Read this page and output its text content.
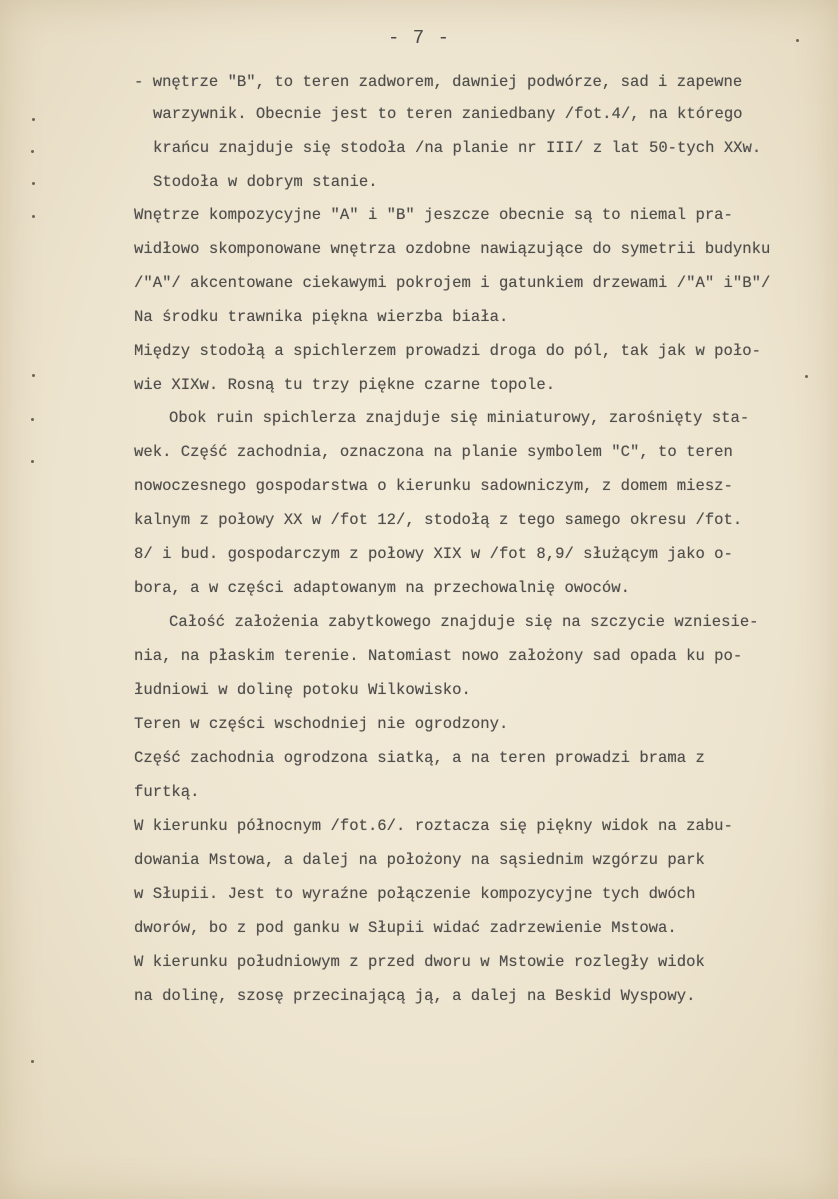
- 7 -
- wnętrze "B", to teren zadworem, dawniej podwórze, sad i zapewne
warzywnik. Obecnie jest to teren zaniedbany /fot.4/, na którego
krańcu znajduje się stodoła /na planie nr III/ z lat 50-tych XXw.
Stodoła w dobrym stanie.
Wnętrze kompozycyjne "A" i "B" jeszcze obecnie są to niemal pra-
widłowo skomponowane wnętrza ozdobne nawiązujące do symetrii budynku
/"A"/ akcentowane ciekawymi pokrojem i gatunkiem drzewami /"A" i"B"/
Na środku trawnika piękna wierzba biała.
Między stodołą a spichlerzem prowadzi droga do pól, tak jak w poło-
wie XIXw. Rosną tu trzy piękne czarne topole.
Obok ruin spichlerza znajduje się miniaturowy, zarośnięty sta-
wek. Część zachodnia, oznaczona na planie symbolem "C", to teren
nowoczesnego gospodarstwa o kierunku sadowniczym, z domem miesz-
kalnym z połowy XX w /fot 12/, stodołą z tego samego okresu /fot.
8/ i bud. gospodarczym z połowy XIX w /fot 8,9/ służącym jako o-
bora, a w części adaptowanym na przechowalnię owoców.
Całość założenia zabytkowego znajduje się na szczycie wzniesie-
nia, na płaskim terenie. Natomiast nowo założony sad opada ku po-
łudniowi w dolinę potoku Wilkowisko.
Teren w części wschodniej nie ogrodzony.
Część zachodnia ogrodzona siatką, a na teren prowadzi brama z
furtką.
W kierunku północnym /fot.6/. roztacza się piękny widok na zabu-
dowania Mstowa, a dalej na położony na sąsiednim wzgórzu park
w Słupii. Jest to wyraźne połączenie kompozycyjne tych dwóch
dworów, bo z pod ganku w Słupii widać zadrzewienie Mstowa.
W kierunku południowym z przed dworu w Mstowie rozległy widok
na dolinę, szosę przecinającą ją, a dalej na Beskid Wyspowy.
